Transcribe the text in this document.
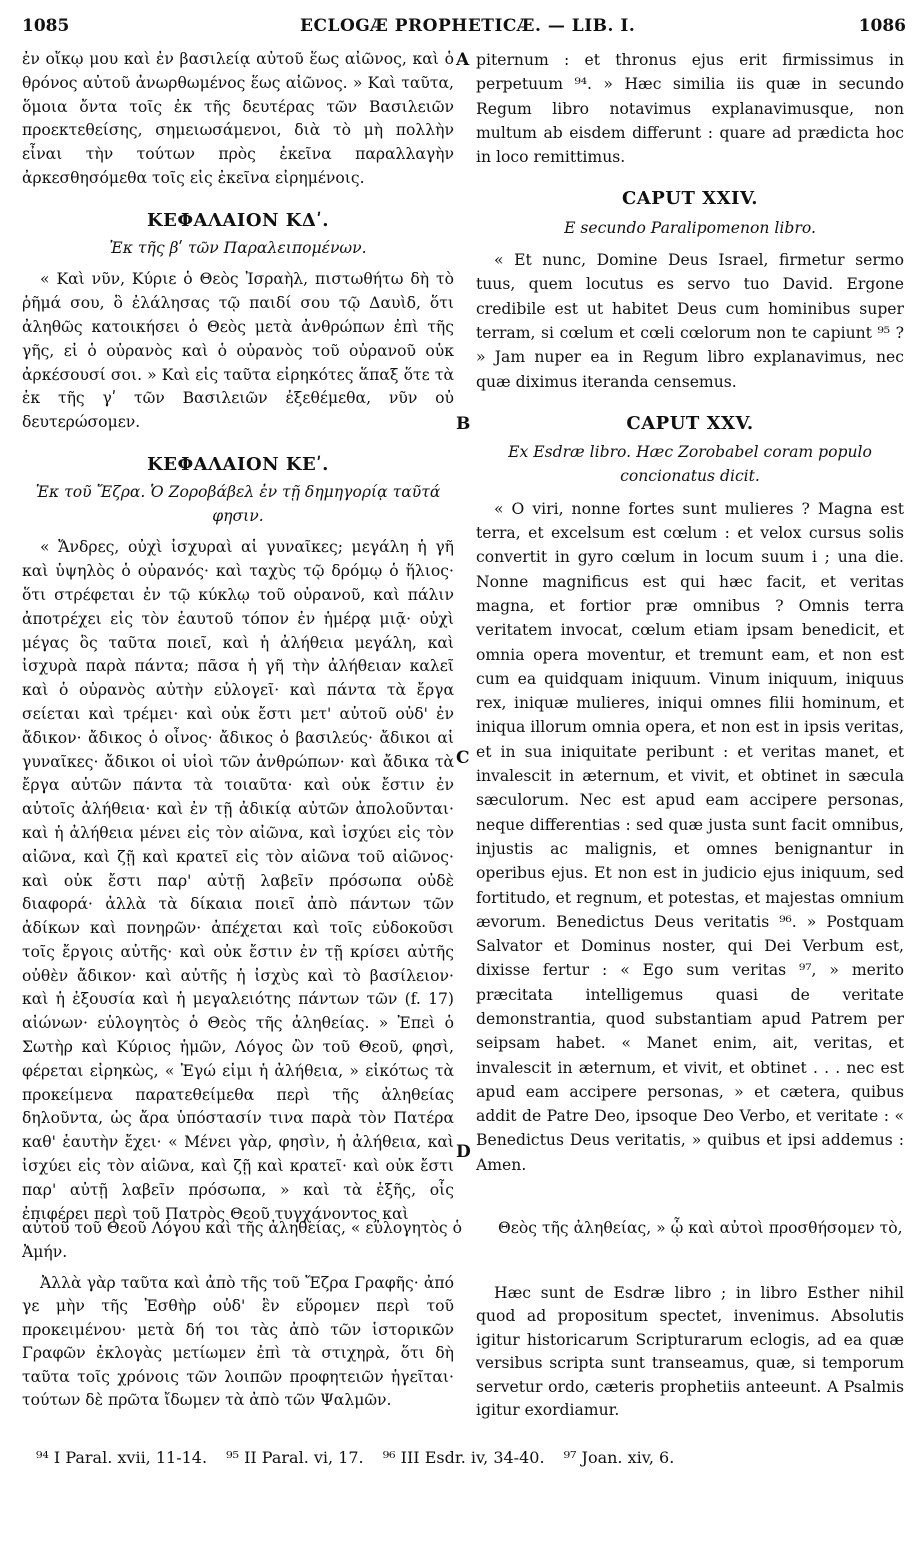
1085	ECLOGÆ PROPHETICÆ. — LIB. I.	1086

ἐν οἴκῳ μου καὶ ἐν βασιλείᾳ αὐτοῦ ἕως αἰῶνος, καὶ ὁ θρόνος αὐτοῦ ἀνωρθωμένος ἕως αἰῶνος. » Καὶ ταῦτα, ὅμοια ὄντα τοῖς ἐκ τῆς δευτέρας τῶν Βασιλειῶν προεκτεθείσης, σημειωσάμενοι, διὰ τὸ μὴ πολλὴν εἶναι τὴν τούτων πρὸς ἐκεῖνα παραλλαγὴν ἀρκεσθησόμεθα τοῖς εἰς ἐκεῖνα εἰρημένοις.

ΚΕΦΑΛΑΙΟΝ ΚΔʹ.
Ἐκ τῆς βʹ τῶν Παραλειπομένων.

« Καὶ νῦν, Κύριε ὁ Θεὸς Ἰσραὴλ, πιστωθήτω δὴ τὸ ῥῆμά σου, ὃ ἐλάλησας τῷ παιδί σου τῷ Δαυὶδ, ὅτι ἀληθῶς κατοικήσει ὁ Θεὸς μετὰ ἀνθρώπων ἐπὶ τῆς γῆς, εἰ ὁ οὐρανὸς καὶ ὁ οὐρανὸς τοῦ οὐρανοῦ οὐκ ἀρκέσουσί σοι. » Καὶ εἰς ταῦτα εἰρηκότες ἅπαξ ὅτε τὰ ἐκ τῆς γʹ τῶν Βασιλειῶν ἐξεθέμεθα, νῦν οὐ δευτερώσομεν.

ΚΕΦΑΛΑΙΟΝ ΚΕʹ.
Ἐκ τοῦ Ἔζρα. Ὁ Ζοροβάβελ ἐν τῇ δημηγορίᾳ ταῦτά φησιν.

« Ἄνδρες, οὐχὶ ἰσχυραὶ αἱ γυναῖκες; μεγάλη ἡ γῆ καὶ ὑψηλὸς ὁ οὐρανός· καὶ ταχὺς τῷ δρόμῳ ὁ ἥλιος· ὅτι στρέφεται ἐν τῷ κύκλῳ τοῦ οὐρανοῦ, καὶ πάλιν ἀποτρέχει εἰς τὸν ἑαυτοῦ τόπον ἐν ἡμέρᾳ μιᾷ· οὐχὶ μέγας ὃς ταῦτα ποιεῖ, καὶ ἡ ἀλήθεια μεγάλη, καὶ ἰσχυρὰ παρὰ πάντα; πᾶσα ἡ γῆ τὴν ἀλήθειαν καλεῖ καὶ ὁ οὐρανὸς αὐτὴν εὐλογεῖ· καὶ πάντα τὰ ἔργα σείεται καὶ τρέμει· καὶ οὐκ ἔστι μετ' αὐτοῦ οὐδ' ἐν ἄδικον· ἄδικος ὁ οἶνος· ἄδικος ὁ βασιλεύς· ἄδικοι αἱ γυναῖκες· ἄδικοι οἱ υἱοὶ τῶν ἀνθρώπων· καὶ ἄδικα τὰ ἔργα αὐτῶν πάντα τὰ τοιαῦτα· καὶ οὐκ ἔστιν ἐν αὐτοῖς ἀλήθεια· καὶ ἐν τῇ ἀδικίᾳ αὐτῶν ἀπολοῦνται· καὶ ἡ ἀλήθεια μένει εἰς τὸν αἰῶνα, καὶ ἰσχύει εἰς τὸν αἰῶνα, καὶ ζῇ καὶ κρατεῖ εἰς τὸν αἰῶνα τοῦ αἰῶνος· καὶ οὐκ ἔστι παρ' αὐτῇ λαβεῖν πρόσωπα οὐδὲ διαφορά· ἀλλὰ τὰ δίκαια ποιεῖ ἀπὸ πάντων τῶν ἀδίκων καὶ πονηρῶν· ἀπέχεται καὶ τοῖς εὐδοκοῦσι τοῖς ἔργοις αὐτῆς· καὶ οὐκ ἔστιν ἐν τῇ κρίσει αὐτῆς οὐθὲν ἄδικον· καὶ αὐτῆς ἡ ἰσχὺς καὶ τὸ βασίλειον· καὶ ἡ ἐξουσία καὶ ἡ μεγαλειότης πάντων τῶν (f. 17) αἰώνων· εὐλογητὸς ὁ Θεὸς τῆς ἀληθείας. » Ἐπεὶ ὁ Σωτὴρ καὶ Κύριος ἡμῶν, Λόγος ὢν τοῦ Θεοῦ, φησὶ, φέρεται εἰρηκὼς, « Ἐγώ εἰμι ἡ ἀλήθεια, » εἰκότως τὰ προκείμενα παρατεθείμεθα περὶ τῆς ἀληθείας δηλοῦντα, ὡς ἄρα ὑπόστασίν τινα παρὰ τὸν Πατέρα καθ' ἑαυτὴν ἔχει· « Μένει γὰρ, φησὶν, ἡ ἀλήθεια, καὶ ἰσχύει εἰς τὸν αἰῶνα, καὶ ζῇ καὶ κρατεῖ· καὶ οὐκ ἔστι παρ' αὐτῇ λαβεῖν πρόσωπα, » καὶ τὰ ἑξῆς, οἷς ἐπιφέρει περὶ τοῦ Πατρὸς Θεοῦ τυγχάνοντος καὶ

piternum : et thronus ejus erit firmissimus in perpetuum ⁹⁴. » Hæc similia iis quæ in secundo Regum libro notavimus explanavimusque, non multum ab eisdem differunt : quare ad prædicta hoc in loco remittimus.

CAPUT XXIV.
E secundo Paralipomenon libro.

« Et nunc, Domine Deus Israel, firmetur sermo tuus, quem locutus es servo tuo David. Ergone credibile est ut habitet Deus cum hominibus super terram, si cœlum et cœli cœlorum non te capiunt ⁹⁵ ? » Jam nuper ea in Regum libro explanavimus, nec quæ diximus iteranda censemus.

CAPUT XXV.
Ex Esdræ libro. Hæc Zorobabel coram populo concionatus dicit.

« O viri, nonne fortes sunt mulieres ? Magna est terra, et excelsum est cœlum : et velox cursus solis convertit in gyro cœlum in locum suum i ; una die. Nonne magnificus est qui hæc facit, et veritas magna, et fortior præ omnibus ? Omnis terra veritatem invocat, cœlum etiam ipsam benedicit, et omnia opera moventur, et tremunt eam, et non est cum ea quidquam iniquum. Vinum iniquum, iniquus rex, iniquæ mulieres, iniqui omnes filii hominum, et iniqua illorum omnia opera, et non est in ipsis veritas, et in sua iniquitate peribunt : et veritas manet, et invalescit in æternum, et vivit, et obtinet in sæcula sæculorum. Nec est apud eam accipere personas, neque differentias : sed quæ justa sunt facit omnibus, injustis ac malignis, et omnes benignantur in operibus ejus. Et non est in judicio ejus iniquum, sed fortitudo, et regnum, et potestas, et majestas omnium ævorum. Benedictus Deus veritatis ⁹⁶. » Postquam Salvator et Dominus noster, qui Dei Verbum est, dixisse fertur : « Ego sum veritas ⁹⁷, » merito præcitata intelligemus quasi de veritate demonstrantia, quod substantiam apud Patrem per seipsam habet. « Manet enim, ait, veritas, et invalescit in æternum, et vivit, et obtinet . . . nec est apud eam accipere personas, » et cætera, quibus addit de Patre Deo, ipsoque Deo Verbo, et veritate : « Benedictus Deus veritatis, » quibus et ipsi addemus : Amen.

A
B
C
D
αὐτοῦ τοῦ Θεοῦ Λόγου καὶ τῆς ἀληθείας, « εὐλογητὸς ὁ Θεὸς τῆς ἀληθείας, » ᾧ καὶ αὐτοὶ προσθήσομεν τὸ,
Ἀμήν.

Ἀλλὰ γὰρ ταῦτα καὶ ἀπὸ τῆς τοῦ Ἔζρα Γραφῆς· ἀπό γε μὴν τῆς Ἐσθὴρ οὐδ' ἓν εὕρομεν περὶ τοῦ προκειμένου· μετὰ δή τοι τὰς ἀπὸ τῶν ἱστορικῶν Γραφῶν ἐκλογὰς μετίωμεν ἐπὶ τὰ στιχηρὰ, ὅτι δὴ ταῦτα τοῖς χρόνοις τῶν λοιπῶν προφητειῶν ἡγεῖται· τούτων δὲ πρῶτα ἴδωμεν τὰ ἀπὸ τῶν Ψαλμῶν.

Hæc sunt de Esdræ libro ; in libro Esther nihil quod ad propositum spectet, invenimus. Absolutis igitur historicarum Scripturarum eclogis, ad ea quæ versibus scripta sunt transeamus, quæ, si temporum servetur ordo, cæteris prophetiis anteeunt. A Psalmis igitur exordiamur.

⁹⁴ I Paral. xvii, 11-14. ⁹⁵ II Paral. vi, 17. ⁹⁶ III Esdr. iv, 34-40. ⁹⁷ Joan. xiv, 6.
